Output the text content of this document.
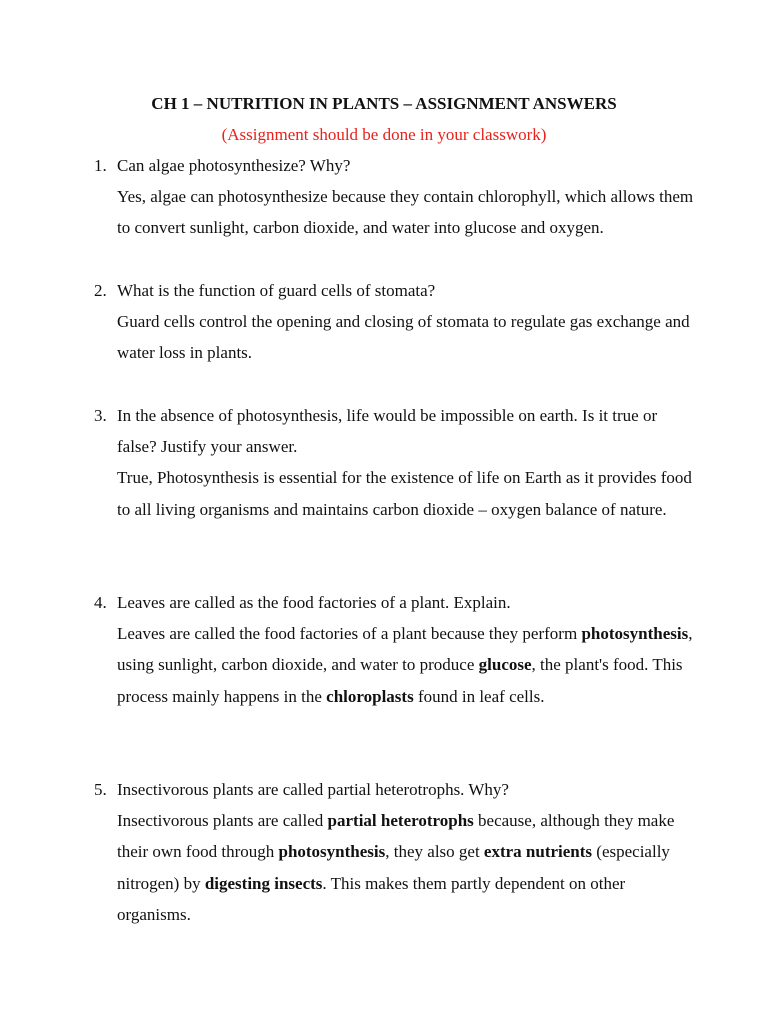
CH 1 – NUTRITION IN PLANTS – ASSIGNMENT ANSWERS
(Assignment should be done in your classwork)
1. Can algae photosynthesize? Why?
Yes, algae can photosynthesize because they contain chlorophyll, which allows them to convert sunlight, carbon dioxide, and water into glucose and oxygen.
2. What is the function of guard cells of stomata?
Guard cells control the opening and closing of stomata to regulate gas exchange and water loss in plants.
3. In the absence of photosynthesis, life would be impossible on earth. Is it true or false? Justify your answer.
True, Photosynthesis is essential for the existence of life on Earth as it provides food to all living organisms and maintains carbon dioxide – oxygen balance of nature.
4. Leaves are called as the food factories of a plant. Explain.
Leaves are called the food factories of a plant because they perform photosynthesis, using sunlight, carbon dioxide, and water to produce glucose, the plant's food. This process mainly happens in the chloroplasts found in leaf cells.
5. Insectivorous plants are called partial heterotrophs. Why?
Insectivorous plants are called partial heterotrophs because, although they make their own food through photosynthesis, they also get extra nutrients (especially nitrogen) by digesting insects. This makes them partly dependent on other organisms.
